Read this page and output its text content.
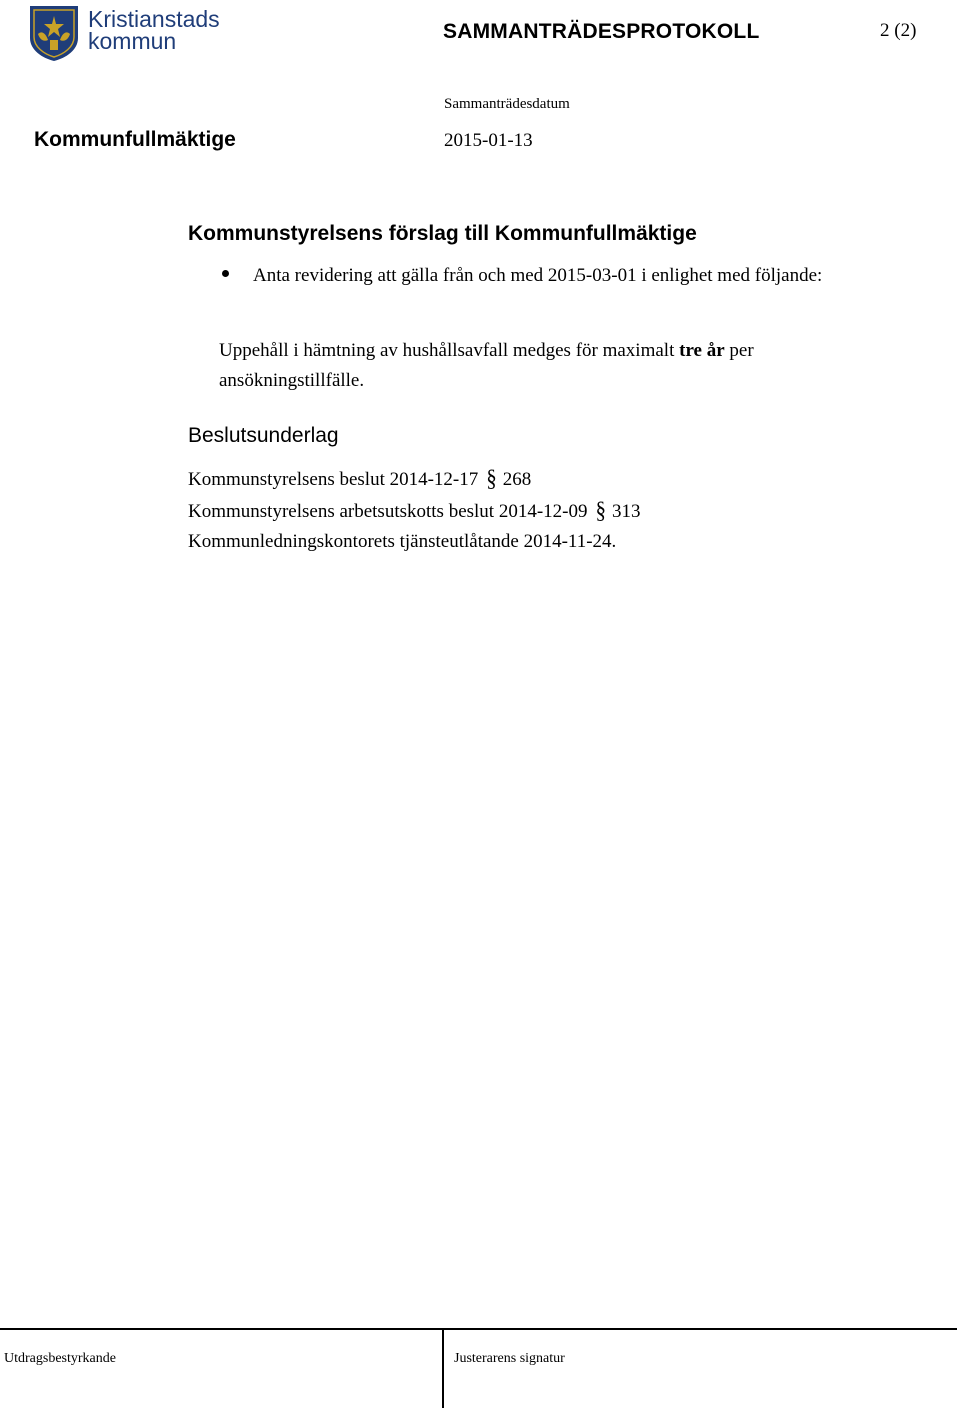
Kristianstads
kommun	SAMMANTRÄDESPROTOKOLL	2 (2)
Sammanträdesdatum
Kommunfullmäktige	2015-01-13
Kommunstyrelsens förslag till Kommunfullmäktige
Anta revidering att gälla från och med 2015-03-01 i enlighet med följande:
Uppehåll i hämtning av hushållsavfall medges för maximalt tre år per ansökningstillfälle.
Beslutsunderlag
Kommunstyrelsens beslut 2014-12-17 § 268
Kommunstyrelsens arbetsutskotts beslut 2014-12-09 § 313
Kommunledningskontorets tjänsteutlåtande 2014-11-24.
Utdragsbestyrkande	Justerarens signatur
